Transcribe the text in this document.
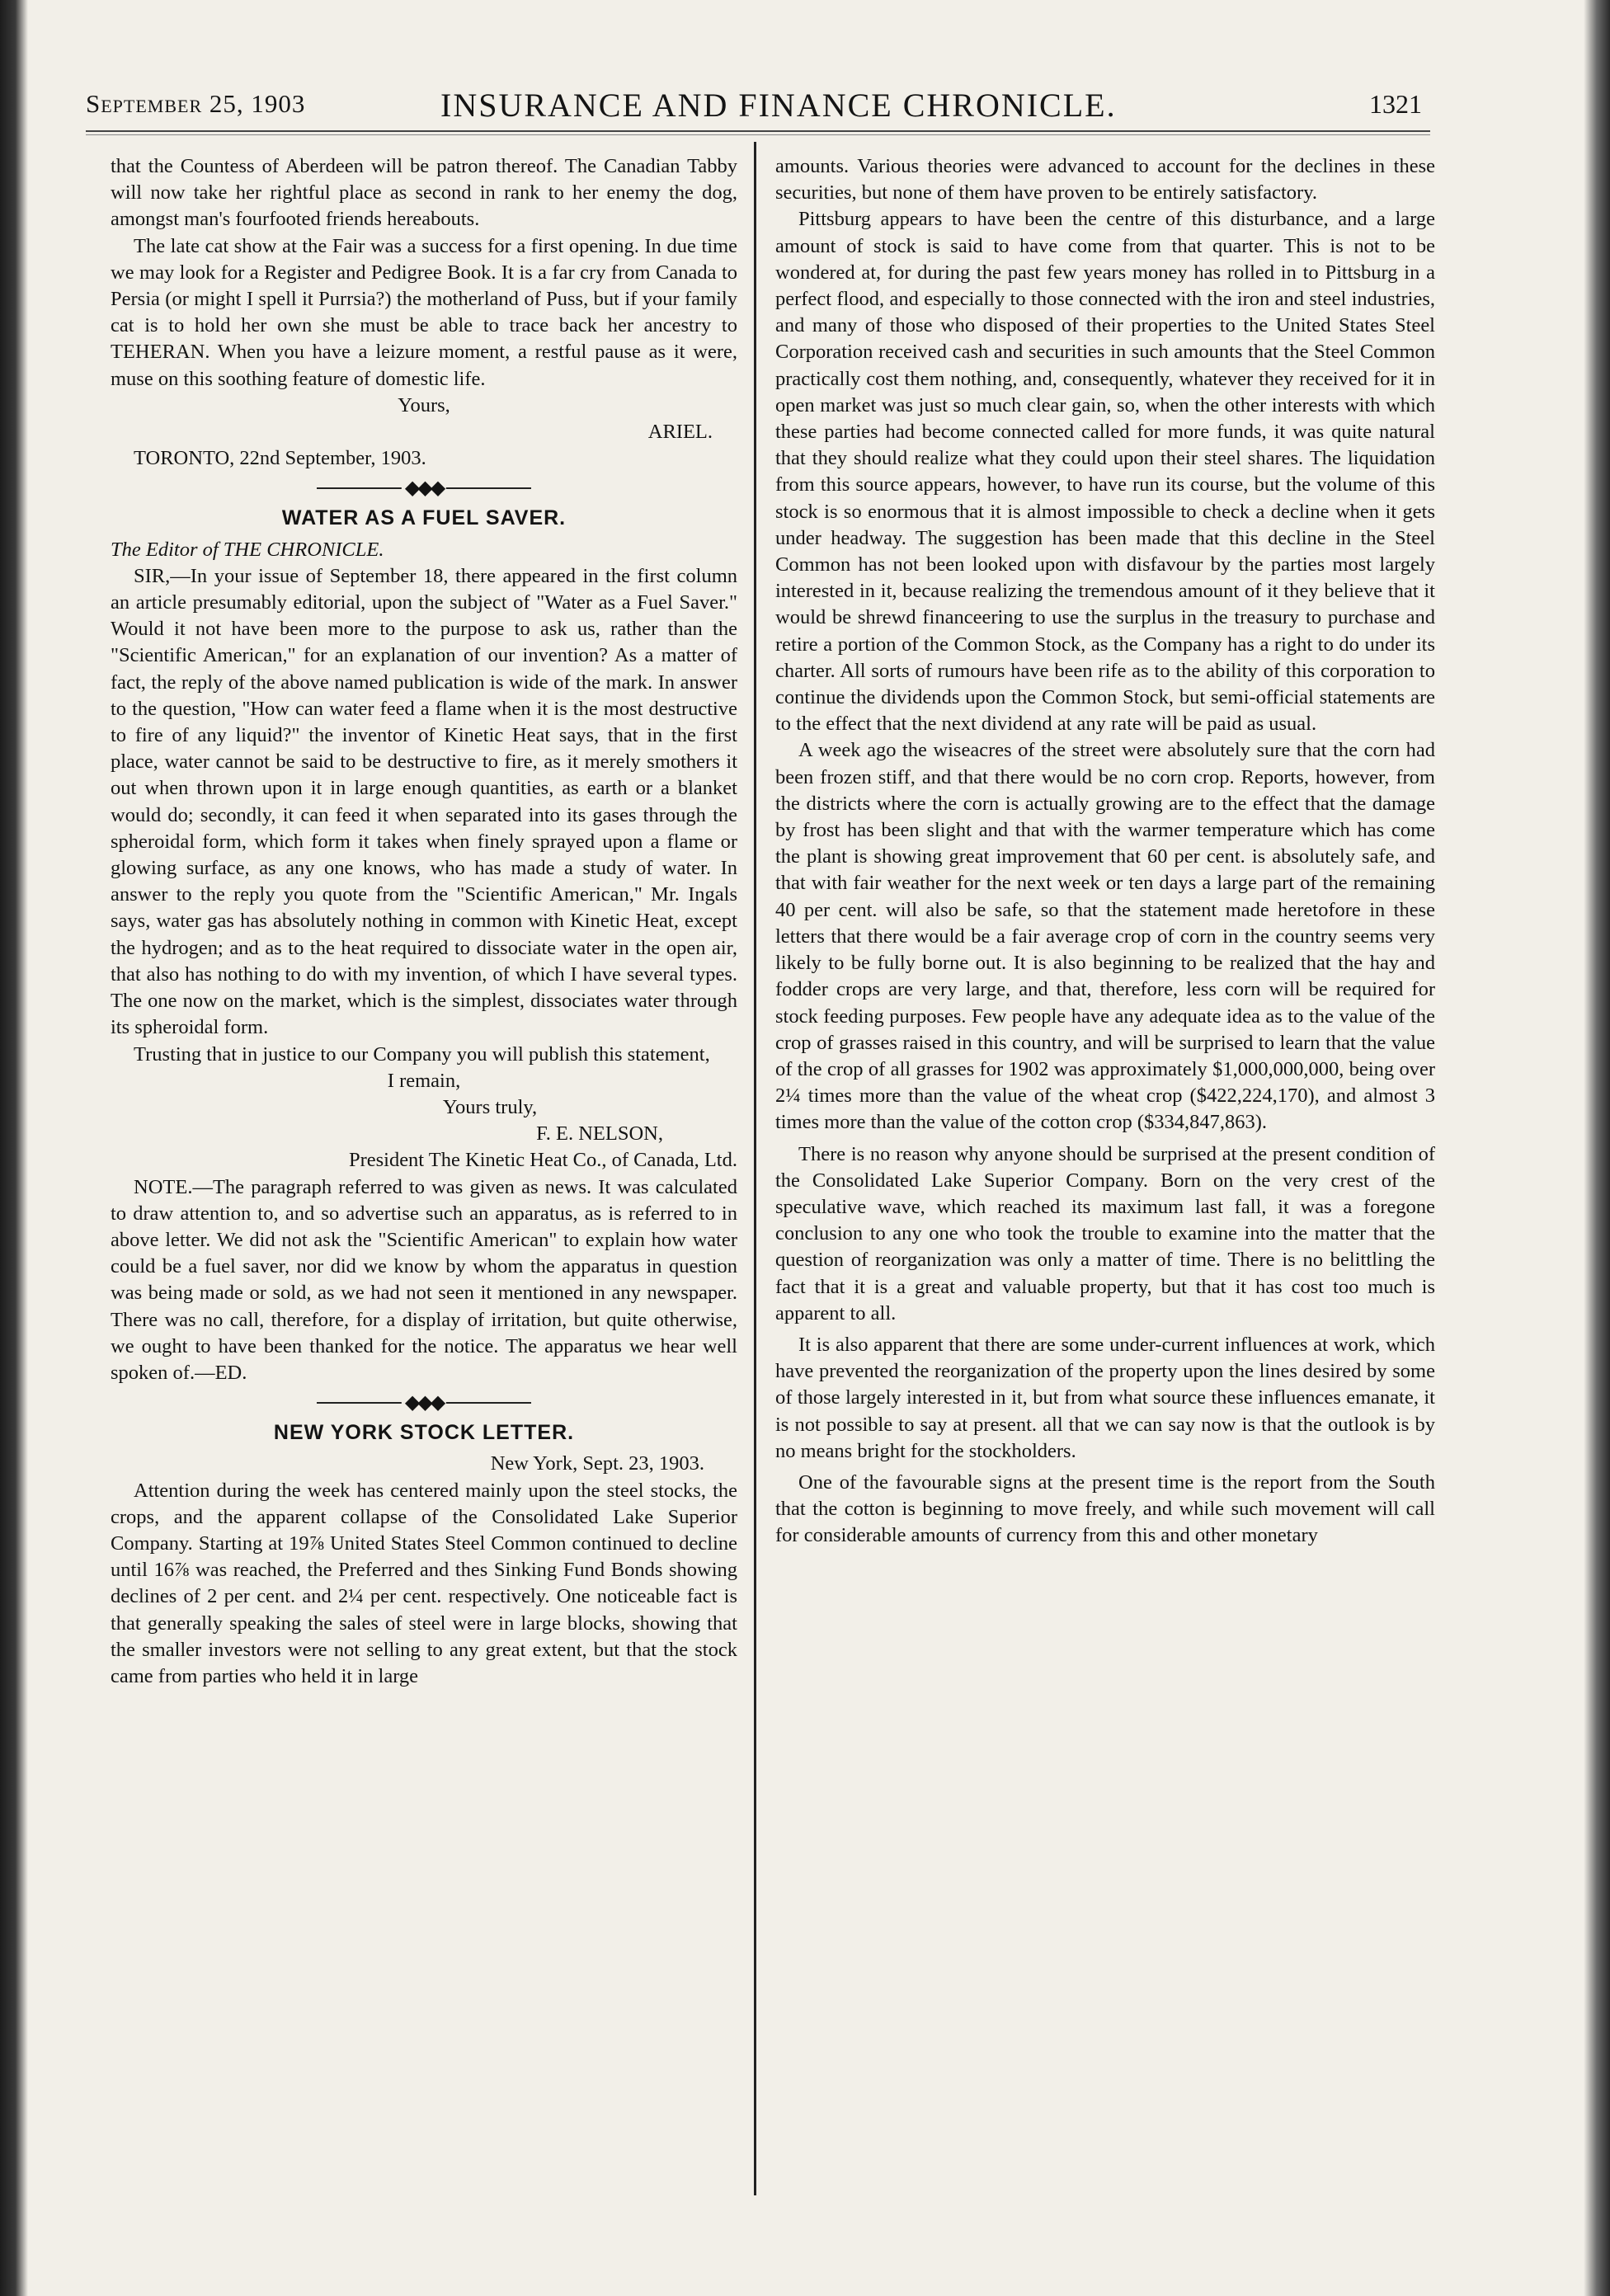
September 25, 1903	INSURANCE AND FINANCE CHRONICLE.	1321

that the Countess of Aberdeen will be patron thereof. The Canadian Tabby will now take her rightful place as second in rank to her enemy the dog, amongst man's fourfooted friends hereabouts.

The late cat show at the Fair was a success for a first opening. In due time we may look for a Register and Pedigree Book. It is a far cry from Canada to Persia (or might I spell it Purrsia?) the motherland of Puss, but if your family cat is to hold her own she must be able to trace back her ancestry to TEHERAN. When you have a leizure moment, a restful pause as it were, muse on this soothing feature of domestic life.

Yours,

ARIEL.

TORONTO, 22nd September, 1903.

◆◆◆
WATER AS A FUEL SAVER.

The Editor of THE CHRONICLE.

SIR,—In your issue of September 18, there appeared in the first column an article presumably editorial, upon the subject of "Water as a Fuel Saver." Would it not have been more to the purpose to ask us, rather than the "Scientific American," for an explanation of our invention? As a matter of fact, the reply of the above named publication is wide of the mark. In answer to the question, "How can water feed a flame when it is the most destructive to fire of any liquid?" the inventor of Kinetic Heat says, that in the first place, water cannot be said to be destructive to fire, as it merely smothers it out when thrown upon it in large enough quantities, as earth or a blanket would do; secondly, it can feed it when separated into its gases through the spheroidal form, which form it takes when finely sprayed upon a flame or glowing surface, as any one knows, who has made a study of water. In answer to the reply you quote from the "Scientific American," Mr. Ingals says, water gas has absolutely nothing in common with Kinetic Heat, except the hydrogen; and as to the heat required to dissociate water in the open air, that also has nothing to do with my invention, of which I have several types. The one now on the market, which is the simplest, dissociates water through its spheroidal form.

Trusting that in justice to our Company you will publish this statement,

I remain,

Yours truly,

F. E. NELSON,

President The Kinetic Heat Co., of Canada, Ltd.

NOTE.—The paragraph referred to was given as news. It was calculated to draw attention to, and so advertise such an apparatus, as is referred to in above letter. We did not ask the "Scientific American" to explain how water could be a fuel saver, nor did we know by whom the apparatus in question was being made or sold, as we had not seen it mentioned in any newspaper. There was no call, therefore, for a display of irritation, but quite otherwise, we ought to have been thanked for the notice. The apparatus we hear well spoken of.—ED.

◆◆◆
NEW YORK STOCK LETTER.

New York, Sept. 23, 1903.

Attention during the week has centered mainly upon the steel stocks, the crops, and the apparent collapse of the Consolidated Lake Superior Company. Starting at 19⅞ United States Steel Common continued to decline until 16⅞ was reached, the Preferred and thes Sinking Fund Bonds showing declines of 2 per cent. and 2¼ per cent. respectively. One noticeable fact is that generally speaking the sales of steel were in large blocks, showing that the smaller investors were not selling to any great extent, but that the stock came from parties who held it in large

amounts. Various theories were advanced to account for the declines in these securities, but none of them have proven to be entirely satisfactory.

Pittsburg appears to have been the centre of this disturbance, and a large amount of stock is said to have come from that quarter. This is not to be wondered at, for during the past few years money has rolled in to Pittsburg in a perfect flood, and especially to those connected with the iron and steel industries, and many of those who disposed of their properties to the United States Steel Corporation received cash and securities in such amounts that the Steel Common practically cost them nothing, and, consequently, whatever they received for it in open market was just so much clear gain, so, when the other interests with which these parties had become connected called for more funds, it was quite natural that they should realize what they could upon their steel shares. The liquidation from this source appears, however, to have run its course, but the volume of this stock is so enormous that it is almost impossible to check a decline when it gets under headway. The suggestion has been made that this decline in the Steel Common has not been looked upon with disfavour by the parties most largely interested in it, because realizing the tremendous amount of it they believe that it would be shrewd financeering to use the surplus in the treasury to purchase and retire a portion of the Common Stock, as the Company has a right to do under its charter. All sorts of rumours have been rife as to the ability of this corporation to continue the dividends upon the Common Stock, but semi-official statements are to the effect that the next dividend at any rate will be paid as usual.

A week ago the wiseacres of the street were absolutely sure that the corn had been frozen stiff, and that there would be no corn crop. Reports, however, from the districts where the corn is actually growing are to the effect that the damage by frost has been slight and that with the warmer temperature which has come the plant is showing great improvement that 60 per cent. is absolutely safe, and that with fair weather for the next week or ten days a large part of the remaining 40 per cent. will also be safe, so that the statement made heretofore in these letters that there would be a fair average crop of corn in the country seems very likely to be fully borne out. It is also beginning to be realized that the hay and fodder crops are very large, and that, therefore, less corn will be required for stock feeding purposes. Few people have any adequate idea as to the value of the crop of grasses raised in this country, and will be surprised to learn that the value of the crop of all grasses for 1902 was approximately $1,000,000,000, being over 2¼ times more than the value of the wheat crop ($422,224,170), and almost 3 times more than the value of the cotton crop ($334,847,863).

There is no reason why anyone should be surprised at the present condition of the Consolidated Lake Superior Company. Born on the very crest of the speculative wave, which reached its maximum last fall, it was a foregone conclusion to any one who took the trouble to examine into the matter that the question of reorganization was only a matter of time. There is no belittling the fact that it is a great and valuable property, but that it has cost too much is apparent to all.

It is also apparent that there are some under-current influences at work, which have prevented the reorganization of the property upon the lines desired by some of those largely interested in it, but from what source these influences emanate, it is not possible to say at present. all that we can say now is that the outlook is by no means bright for the stockholders.

One of the favourable signs at the present time is the report from the South that the cotton is beginning to move freely, and while such movement will call for considerable amounts of currency from this and other monetary
